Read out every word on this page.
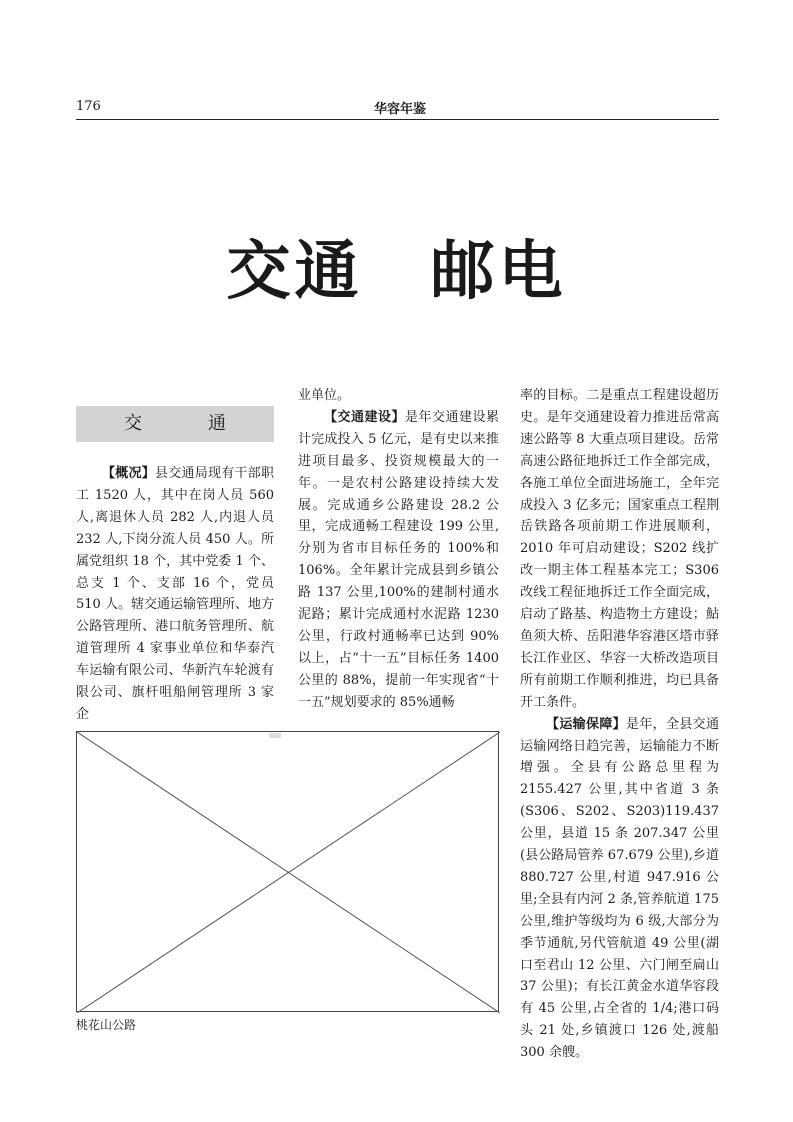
176	华容年鉴
交通　邮电
交　通

【概况】县交通局现有干部职工 1520 人，其中在岗人员 560 人,离退休人员 282 人,内退人员 232 人,下岗分流人员 450 人。所属党组织 18 个，其中党委 1 个、总支 1 个、支部 16 个，党员 510 人。辖交通运输管理所、地方公路管理所、港口航务管理所、航道管理所 4 家事业单位和华泰汽车运输有限公司、华新汽车轮渡有限公司、旗杆咀船闸管理所 3 家企

业单位。

【交通建设】是年交通建设累计完成投入 5 亿元，是有史以来推进项目最多、投资规模最大的一年。一是农村公路建设持续大发展。完成通乡公路建设 28.2 公里，完成通畅工程建设 199 公里,分别为省市目标任务的 100%和 106%。全年累计完成县到乡镇公路 137 公里,100%的建制村通水泥路；累计完成通村水泥路 1230 公里，行政村通畅率已达到 90%以上，占“十一五”目标任务 1400 公里的 88%，提前一年实现省“十一五”规划要求的 85%通畅

率的目标。二是重点工程建设超历史。是年交通建设着力推进岳常高速公路等 8 大重点项目建设。岳常高速公路征地拆迁工作全部完成，各施工单位全面进场施工，全年完成投入 3 亿多元；国家重点工程荆岳铁路各项前期工作进展顺利，2010 年可启动建设；S202 线扩改一期主体工程基本完工；S306 改线工程征地拆迁工作全面完成，启动了路基、构造物土方建设；鮎鱼须大桥、岳阳港华容港区塔市驿长江作业区、华容一大桥改造项目所有前期工作顺利推进，均已具备开工条件。

【运输保障】是年，全县交通运输网络日趋完善，运输能力不断增强。全县有公路总里程为 2155.427 公里,其中省道 3 条(S306、S202、S203)119.437 公里，县道 15 条 207.347 公里 (县公路局管养 67.679 公里),乡道 880.727 公里,村道 947.916 公里;全县有内河 2 条,管养航道 175 公里,维护等级均为 6 级,大部分为季节通航,另代管航道 49 公里(湖口至君山 12 公里、六门闸至扁山 37 公里)；有长江黄金水道华容段有 45 公里,占全省的 1/4;港口码头 21 处,乡镇渡口 126 处,渡船 300 余艘。

桃花山公路
